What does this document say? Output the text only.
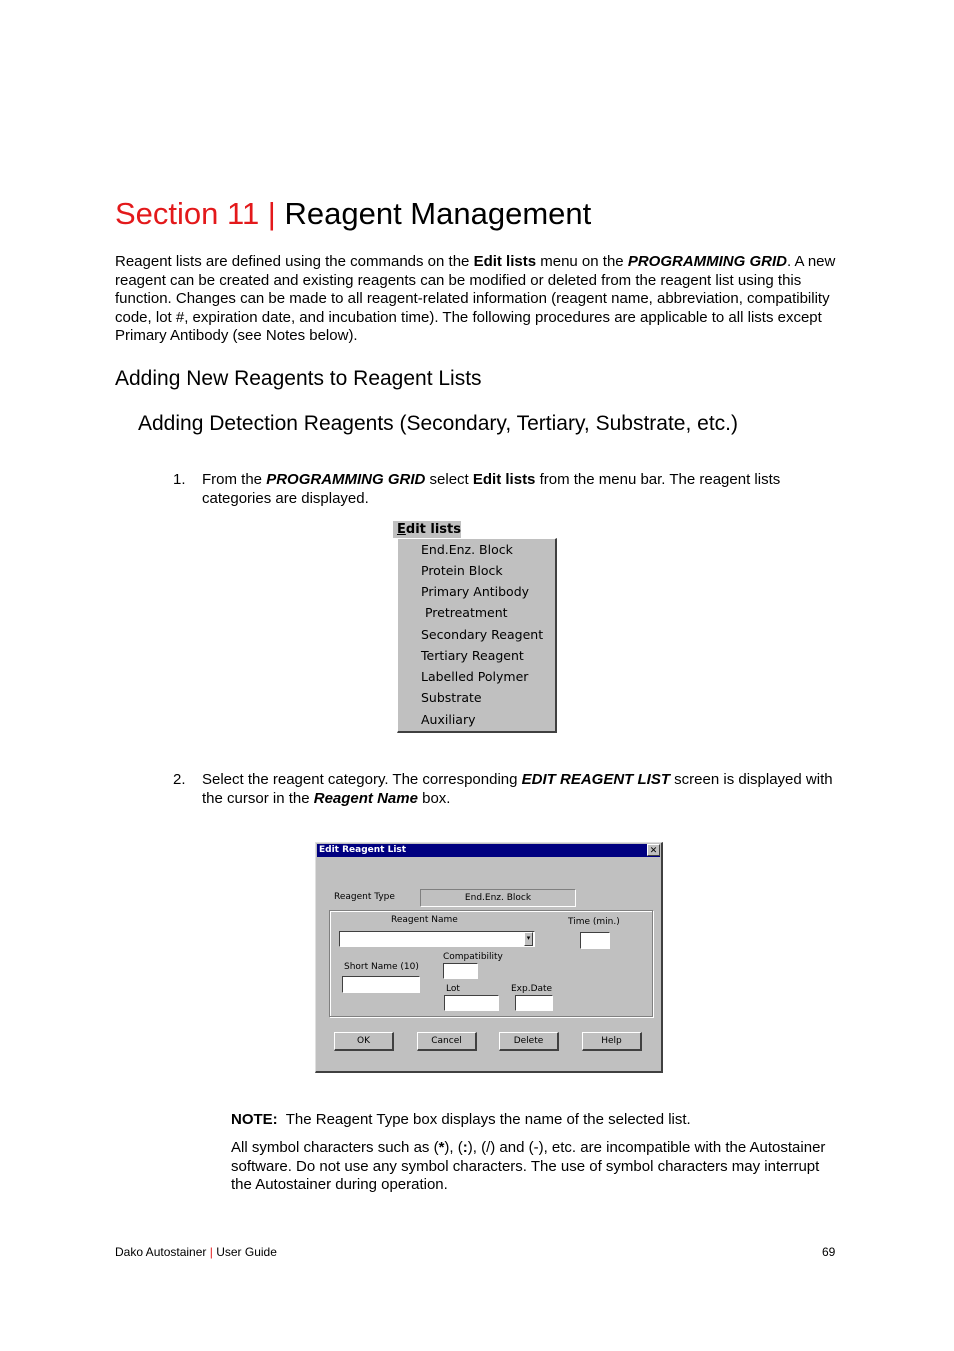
Section 11 | Reagent Management
Reagent lists are defined using the commands on the Edit lists menu on the PROGRAMMING GRID. A new reagent can be created and existing reagents can be modified or deleted from the reagent list using this function. Changes can be made to all reagent-related information (reagent name, abbreviation, compatibility code, lot #, expiration date, and incubation time). The following procedures are applicable to all lists except Primary Antibody (see Notes below).
Adding New Reagents to Reagent Lists
Adding Detection Reagents (Secondary, Tertiary, Substrate, etc.)
1. From the PROGRAMMING GRID select Edit lists from the menu bar. The reagent lists categories are displayed.
Edit lists
End.Enz. Block
Protein Block
Primary Antibody
Pretreatment
Secondary Reagent
Tertiary Reagent
Labelled Polymer
Substrate
Auxiliary
2. Select the reagent category. The corresponding EDIT REAGENT LIST screen is displayed with the cursor in the Reagent Name box.
Edit Reagent List	✕
Reagent Type	End.Enz. Block
Reagent Name
▾
Time (min.)
Compatibility
Short Name (10)
Lot	Exp.Date
OK	Cancel	Delete	Help
NOTE:  The Reagent Type box displays the name of the selected list.
All symbol characters such as (*), (:), (/) and (-), etc. are incompatible with the Autostainer software. Do not use any symbol characters. The use of symbol characters may interrupt the Autostainer during operation.
Dako Autostainer | User Guide	69
